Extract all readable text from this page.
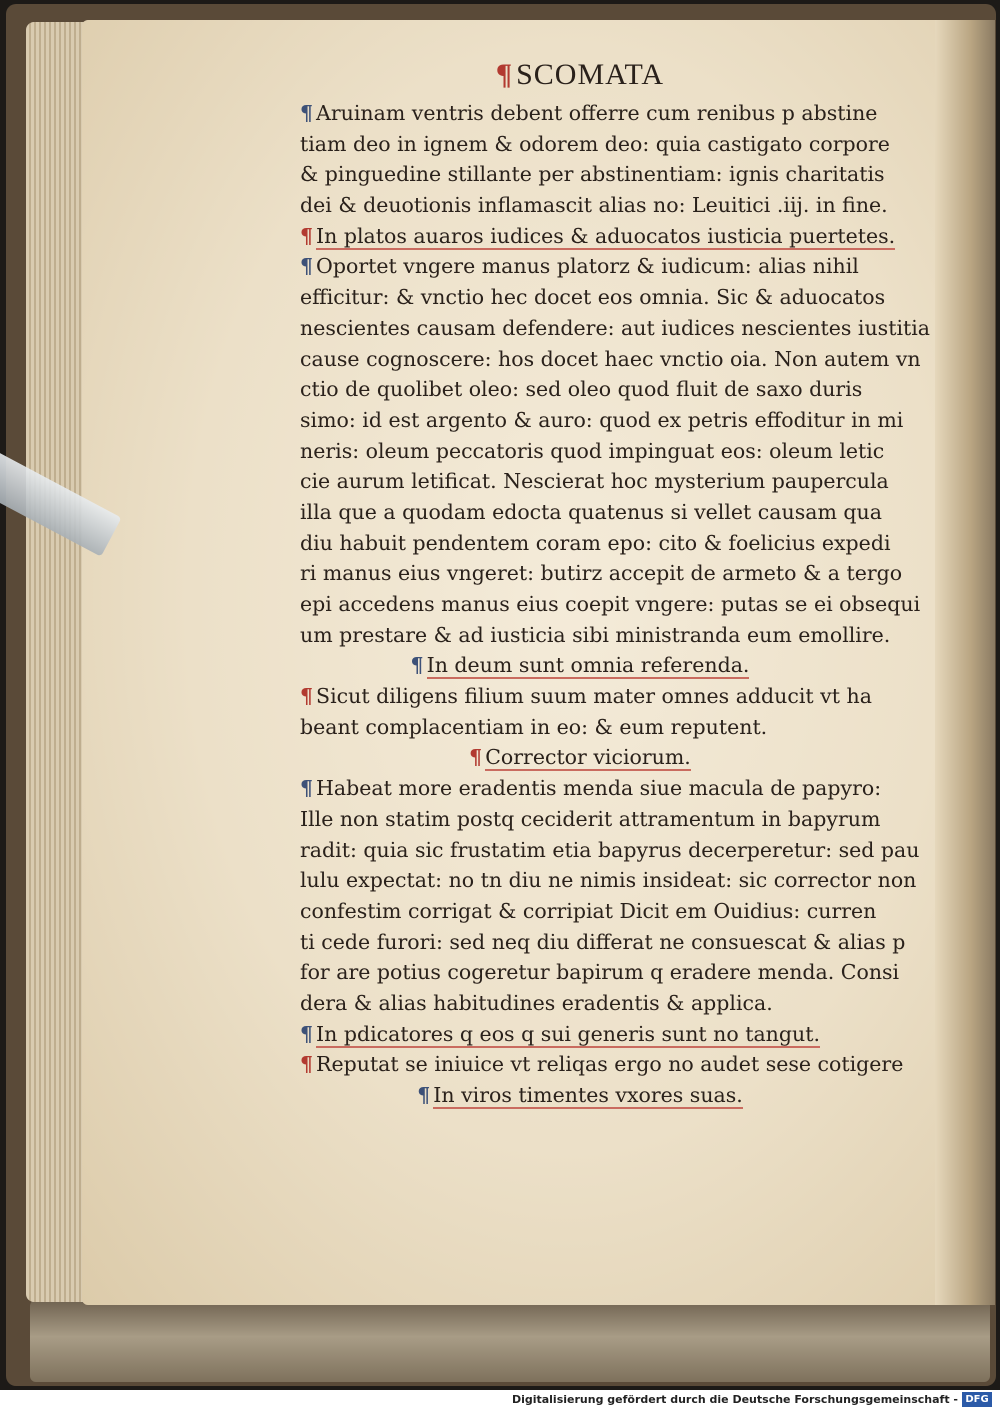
¶ SCOMATA
¶ Aruinam ventris debent offerre cum renibus p abstine
tiam deo in ignem & odorem deo: quia castigato corpore
& pinguedine stillante per abstinentiam: ignis charitatis
dei & deuotionis inflamascit alias no: Leuitici .iij. in fine.
¶ In platos auaros iudices & aduocatos iusticia puertetes.
¶ Oportet vngere manus platorz & iudicum: alias nihil
efficitur: & vnctio hec docet eos omnia. Sic & aduocatos
nescientes causam defendere: aut iudices nescientes iustitia
cause cognoscere: hos docet haec vnctio oia. Non autem vn
ctio de quolibet oleo: sed oleo quod fluit de saxo duris
simo: id est argento & auro: quod ex petris effoditur in mi
neris: oleum peccatoris quod impinguat eos: oleum letic
cie aurum letificat. Nescierat hoc mysterium paupercula
illa que a quodam edocta quatenus si vellet causam qua
diu habuit pendentem coram epo: cito & foelicius expedi
ri manus eius vngeret: butirz accepit de armeto & a tergo
epi accedens manus eius coepit vngere: putas se ei obsequi
um prestare & ad iusticia sibi ministranda eum emollire.
¶ In deum sunt omnia referenda.
¶ Sicut diligens filium suum mater omnes adducit vt ha
beant complacentiam in eo: & eum reputent.
¶ Corrector viciorum.
¶ Habeat more eradentis menda siue macula de papyro:
Ille non statim postq ceciderit attramentum in bapyrum
radit: quia sic frustatim etia bapyrus decerperetur: sed pau
lulu expectat: no tn diu ne nimis insideat: sic corrector non
confestim corrigat & corripiat Dicit em Ouidius: curren
ti cede furori: sed neq diu differat ne consuescat & alias p
for are potius cogeretur bapirum q eradere menda. Consi
dera & alias habitudines eradentis & applica.
¶ In pdicatores q eos q sui generis sunt no tangut.
¶ Reputat se iniuice vt reliqas ergo no audet sese cotigere
¶ In viros timentes vxores suas.
Digitalisierung gefördert durch die Deutsche Forschungsgemeinschaft - DFG
